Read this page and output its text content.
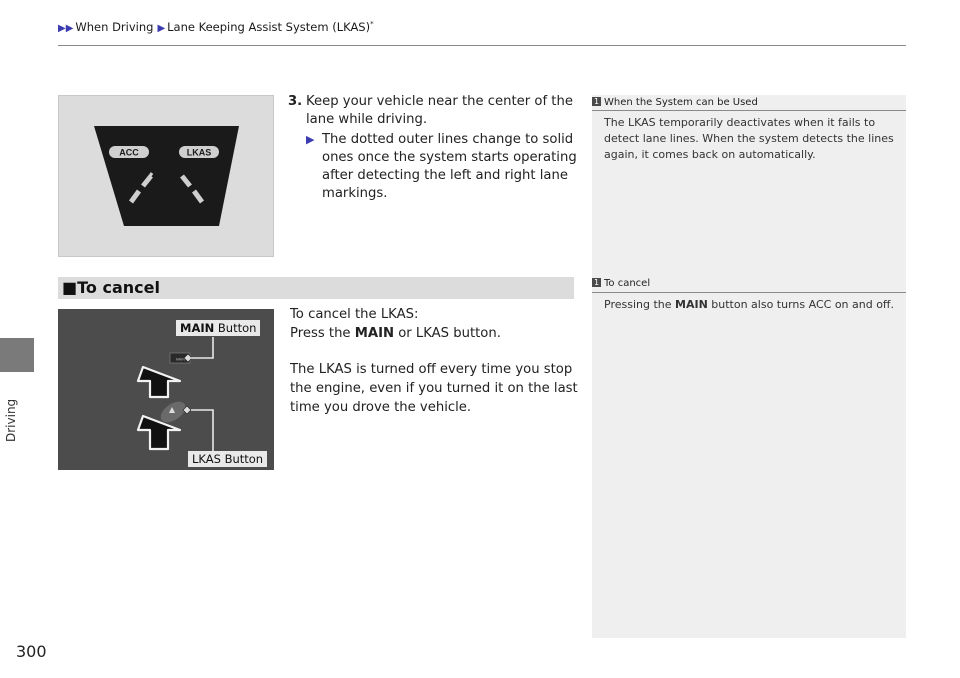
▶▶ When Driving ▶ Lane Keeping Assist System (LKAS)*
Driving
300
1 When the System can be Used
The LKAS temporarily deactivates when it fails to detect lane lines. When the system detects the lines again, it comes back on automatically.
1 To cancel
Pressing the MAIN button also turns ACC on and off.
ACC	LKAS
3. Keep your vehicle near the center of the lane while driving.
▶ The dotted outer lines change to solid ones once the system starts operating after detecting the left and right lane markings.
■To cancel
MAIN
MAIN Button
LKAS Button
To cancel the LKAS:
Press the MAIN or LKAS button.
The LKAS is turned off every time you stop the engine, even if you turned it on the last time you drove the vehicle.
